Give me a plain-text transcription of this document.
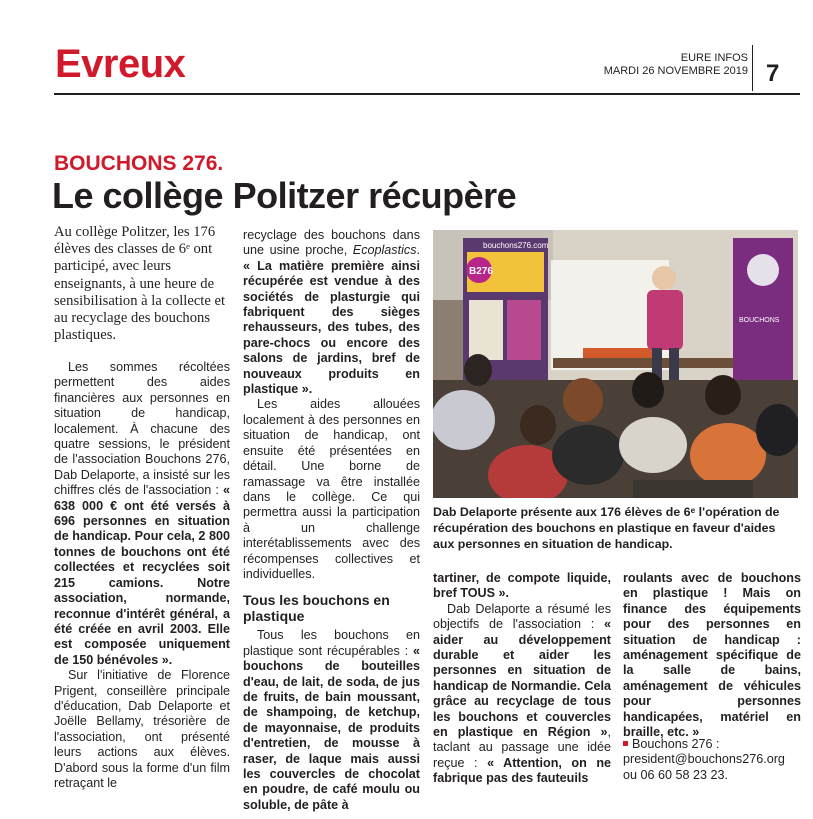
Evreux	EURE INFOS

MARDI 26 NOVEMBRE 2019 7

BOUCHONS 276.

Le collège Politzer récupère

Au collège Politzer, les 176 élèves des classes de 6ᵉ ont participé, avec leurs enseignants, à une heure de sensibilisation à la collecte et au recyclage des bouchons plastiques.

Les sommes récoltées permettent des aides financières aux personnes en situation de handicap, localement. À chacune des quatre sessions, le président de l'association Bouchons 276, Dab Delaporte, a insisté sur les chiffres clés de l'association : « 638 000 € ont été versés à 696 personnes en situation de handicap. Pour cela, 2 800 tonnes de bouchons ont été collectées et recyclées soit 215 camions. Notre association, normande, reconnue d'intérêt général, a été créée en avril 2003. Elle est composée uniquement de 150 bénévoles ».

Sur l'initiative de Florence Prigent, conseillère principale d'éducation, Dab Delaporte et Joëlle Bellamy, trésorière de l'association, ont présenté leurs actions aux élèves. D'abord sous la forme d'un film retraçant le

recyclage des bouchons dans une usine proche, Ecoplastics. « La matière première ainsi récupérée est vendue à des sociétés de plasturgie qui fabriquent des sièges rehausseurs, des tubes, des pare-chocs ou encore des salons de jardins, bref de nouveaux produits en plastique ».

Les aides allouées localement à des personnes en situation de handicap, ont ensuite été présentées en détail. Une borne de ramassage va être installée dans le collège. Ce qui permettra aussi la participation à un challenge interétablissements avec des récompenses collectives et individuelles.

Tous les bouchons en plastique

Tous les bouchons en plastique sont récupérables : « bouchons de bouteilles d'eau, de lait, de soda, de jus de fruits, de bain moussant, de shampoing, de ketchup, de mayonnaise, de produits d'entretien, de mousse à raser, de laque mais aussi les couvercles de chocolat en poudre, de café moulu ou soluble, de pâte à

bouchons276.com
B276
BOUCHONS

Dab Delaporte présente aux 176 élèves de 6ᵉ l'opération de récupération des bouchons en plastique en faveur d'aides aux personnes en situation de handicap.

tartiner, de compote liquide, bref TOUS ».

Dab Delaporte a résumé les objectifs de l'association : « aider au développement durable et aider les personnes en situation de handicap de Normandie. Cela grâce au recyclage de tous les bouchons et couvercles en plastique en Région », taclant au passage une idée reçue : « Attention, on ne fabrique pas des fauteuils

roulants avec de bouchons en plastique ! Mais on finance des équipements pour des personnes en situation de handicap : aménagement spécifique de la salle de bains, aménagement de véhicules pour personnes handicapées, matériel en braille, etc. »

Bouchons 276 : president@bouchons276.org ou 06 60 58 23 23.
